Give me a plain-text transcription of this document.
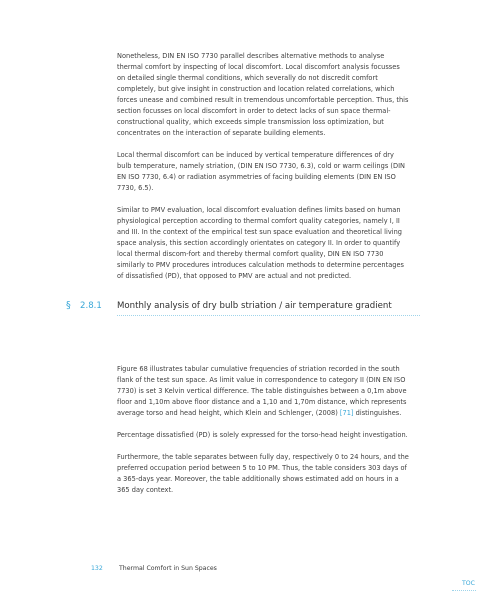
Nonetheless, DIN EN ISO 7730 parallel describes alternative methods to analyse thermal comfort by inspecting of local discomfort. Local discomfort analysis focusses on detailed single thermal conditions, which severally do not discredit comfort completely, but give insight in construction and location related correlations, which forces unease and combined result in tremendous uncomfortable perception. Thus, this section focusses on local discomfort in order to detect lacks of sun space thermal-constructional quality, which exceeds simple transmission loss optimization, but concentrates on the interaction of separate building elements.

Local thermal discomfort can be induced by vertical temperature differences of dry bulb temperature, namely striation, (DIN EN ISO 7730, 6.3), cold or warm ceilings (DIN EN ISO 7730, 6.4) or radiation asymmetries of facing building elements (DIN EN ISO 7730, 6.5).

Similar to PMV evaluation, local discomfort evaluation defines limits based on human physiological perception according to thermal comfort quality categories, namely I, II and III. In the context of the empirical test sun space evaluation and theoretical living space analysis, this section accordingly orientates on category II. In order to quantify local thermal discom-fort and thereby thermal comfort quality, DIN EN ISO 7730 similarly to PMV procedures introduces calculation methods to determine percentages of dissatisfied (PD), that opposed to PMV are actual and not predicted.

§ 2.8.1 Monthly analysis of dry bulb striation / air temperature gradient

Figure 68 illustrates tabular cumulative frequencies of striation recorded in the south flank of the test sun space. As limit value in correspondence to category II (DIN EN ISO 7730) is set 3 Kelvin vertical difference. The table distinguishes between a 0,1m above floor and 1,10m above floor distance and a 1,10 and 1,70m distance, which represents average torso and head height, which Klein and Schlenger, (2008) [71] distinguishes.

Percentage dissatisfied (PD) is solely expressed for the torso-head height investigation.

Furthermore, the table separates between fully day, respectively 0 to 24 hours, and the preferred occupation period between 5 to 10 PM. Thus, the table considers 303 days of a 365-days year. Moreover, the table additionally shows estimated add on hours in a 365 day context.

132	Thermal Comfort in Sun Spaces
TOC
